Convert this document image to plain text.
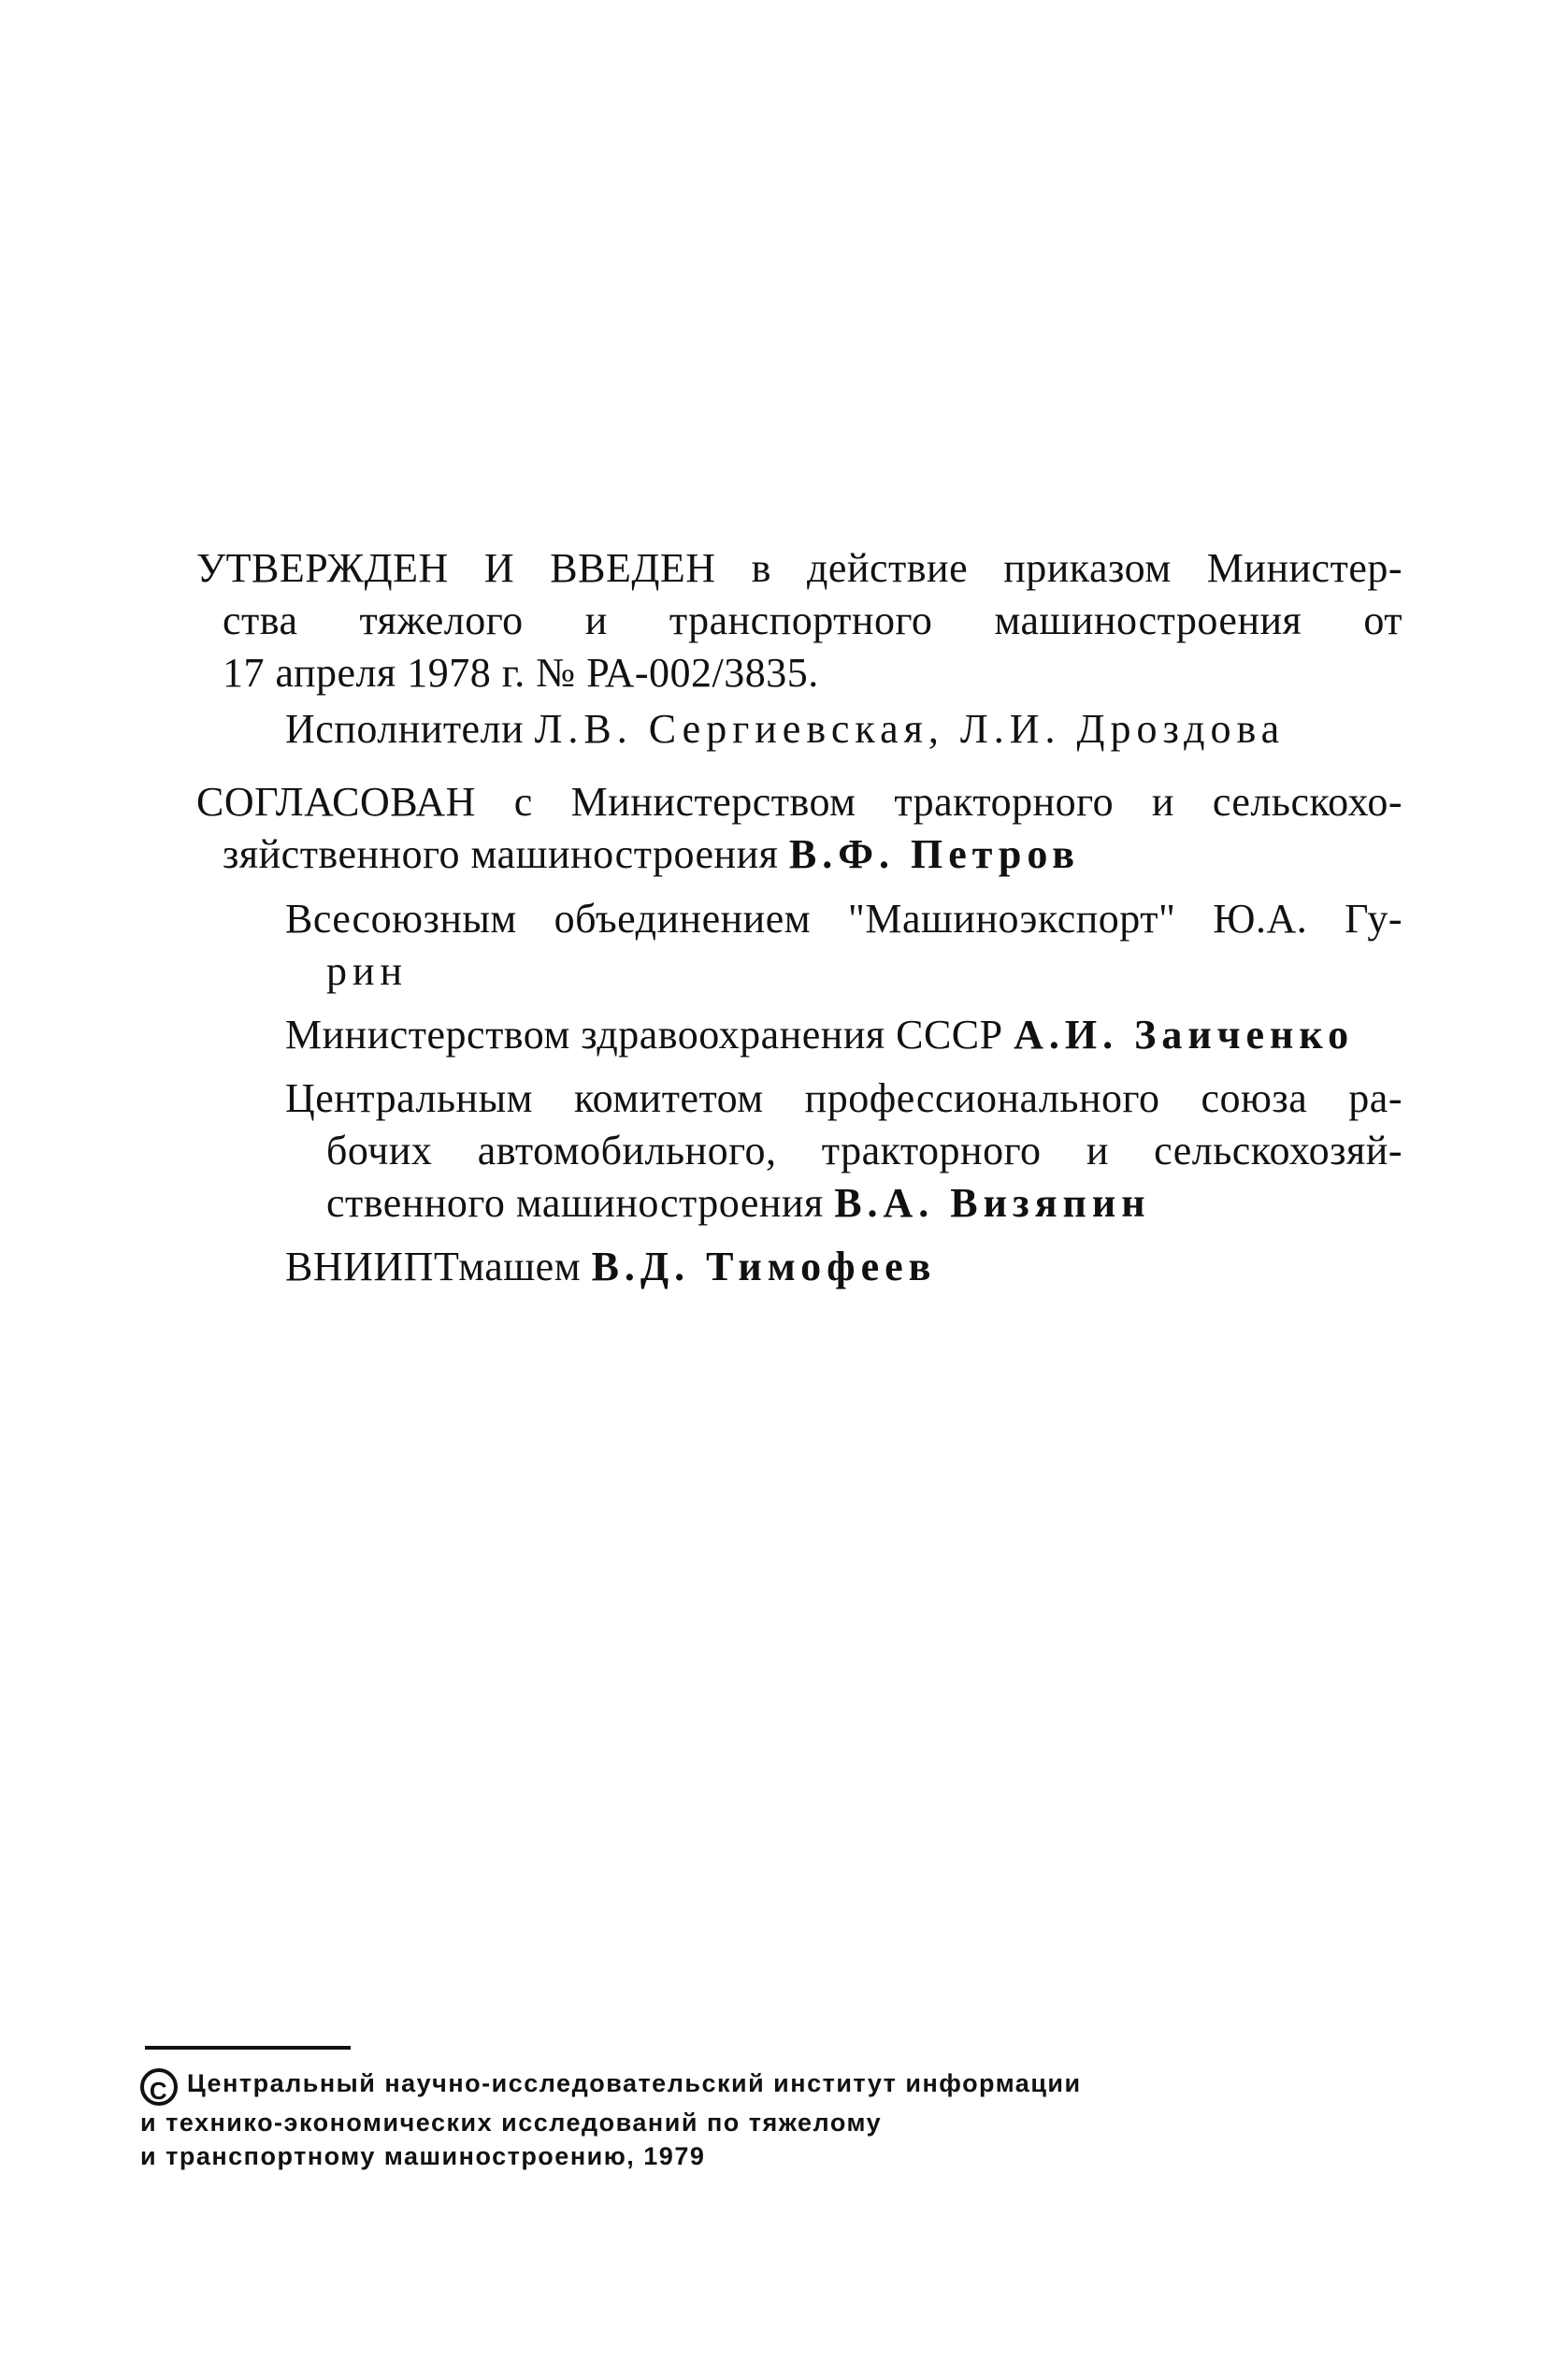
УТВЕРЖДЕН И ВВЕДЕН в действие приказом Министер-
ства тяжелого и транспортного машиностроения от
17 апреля 1978 г. № РА-002/3835.
Исполнители Л.В. Сергиевская, Л.И. Дроздова
СОГЛАСОВАН с Министерством тракторного и сельскохо-
зяйственного машиностроения В.Ф. Петров
Всесоюзным объединением "Машиноэкспорт" Ю.А. Гу-
рин
Министерством здравоохранения СССР А.И. Заиченко
Центральным комитетом профессионального союза ра-
бочих автомобильного, тракторного и сельскохозяй-
ственного машиностроения В.А. Визяпин
ВНИИПТмашем В.Д. Тимофеев
C Центральный научно-исследовательский институт информации
и технико-экономических исследований по тяжелому
и транспортному машиностроению, 1979
